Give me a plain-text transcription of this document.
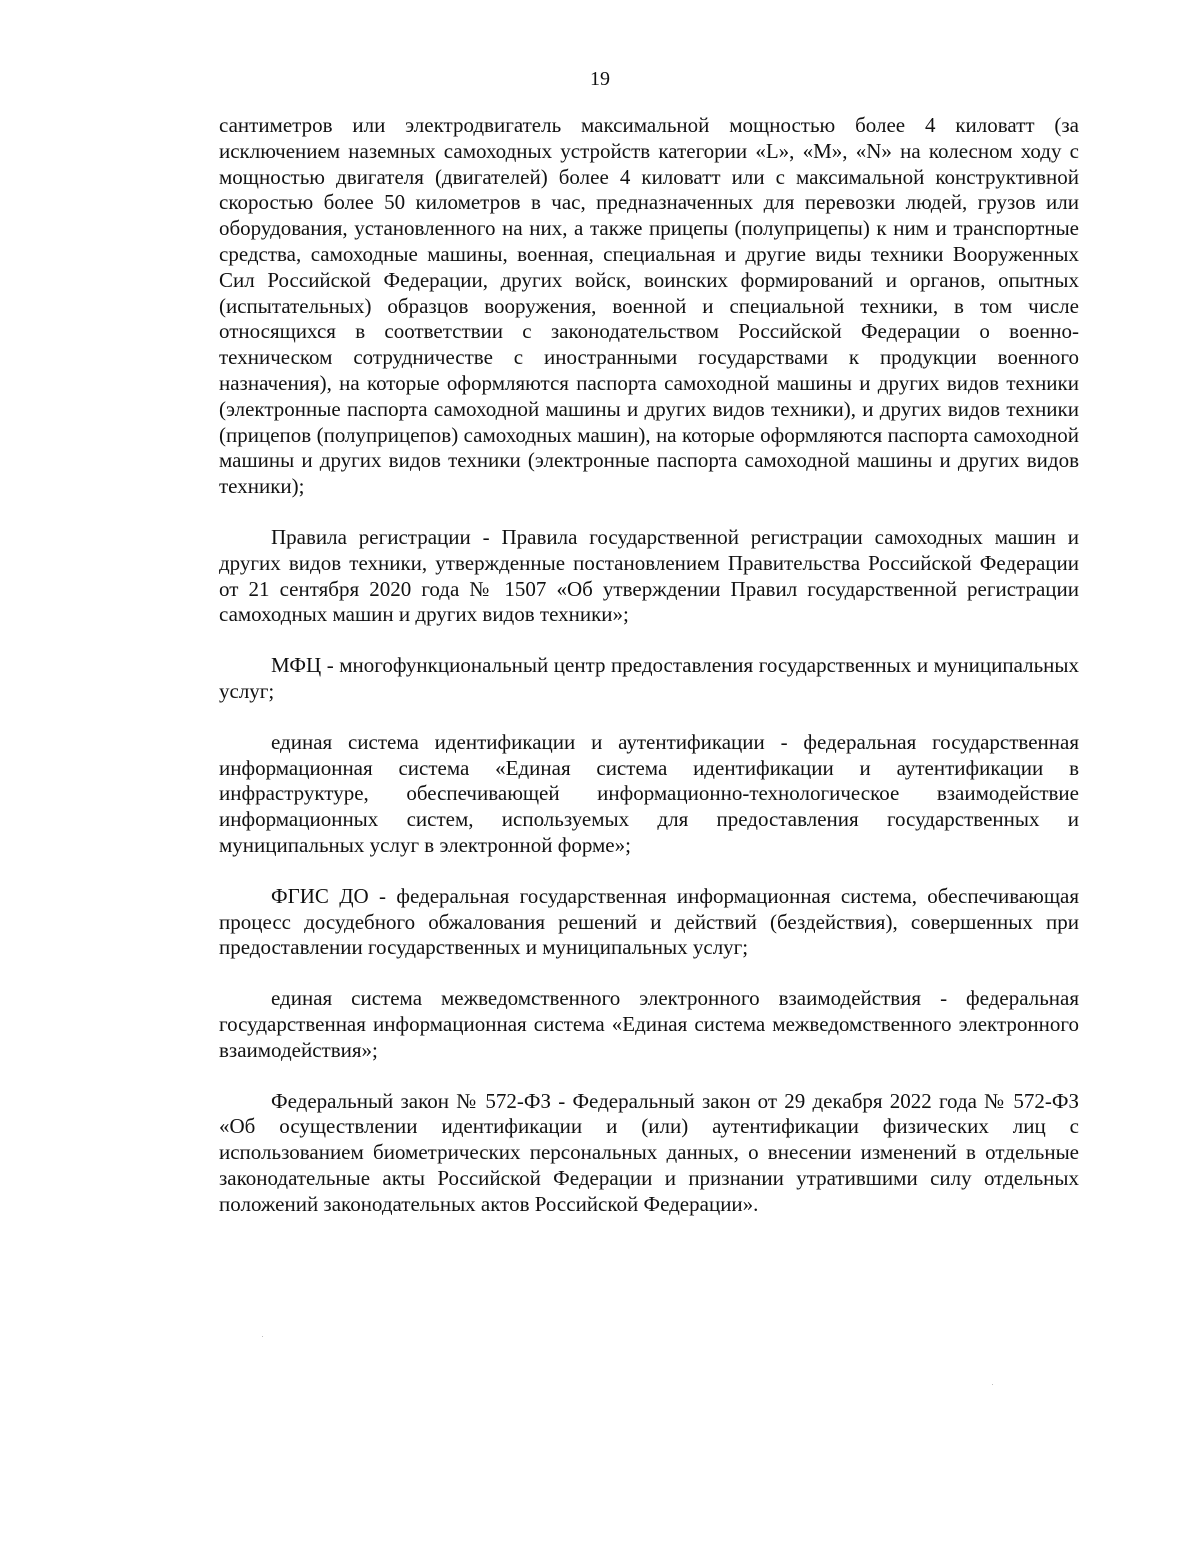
19

сантиметров или электродвигатель максимальной мощностью более 4 киловатт (за исключением наземных самоходных устройств категории «L», «M», «N» на колесном ходу с мощностью двигателя (двигателей) более 4 киловатт или с максимальной конструктивной скоростью более 50 километров в час, предназначенных для перевозки людей, грузов или оборудования, установленного на них, а также прицепы (полуприцепы) к ним и транспортные средства, самоходные машины, военная, специальная и другие виды техники Вооруженных Сил Российской Федерации, других войск, воинских формирований и органов, опытных (испытательных) образцов вооружения, военной и специальной техники, в том числе относящихся в соответствии с законодательством Российской Федерации о военно-техническом сотрудничестве с иностранными государствами к продукции военного назначения), на которые оформляются паспорта самоходной машины и других видов техники (электронные паспорта самоходной машины и других видов техники), и других видов техники (прицепов (полуприцепов) самоходных машин), на которые оформляются паспорта самоходной машины и других видов техники (электронные паспорта самоходной машины и других видов техники);

Правила регистрации - Правила государственной регистрации самоходных машин и других видов техники, утвержденные постановлением Правительства Российской Федерации от 21 сентября 2020 года № 1507 «Об утверждении Правил государственной регистрации самоходных машин и других видов техники»;

МФЦ - многофункциональный центр предоставления государственных и муниципальных услуг;

единая система идентификации и аутентификации - федеральная государственная информационная система «Единая система идентификации и аутентификации в инфраструктуре, обеспечивающей информационно-технологическое взаимодействие информационных систем, используемых для предоставления государственных и муниципальных услуг в электронной форме»;

ФГИС ДО - федеральная государственная информационная система, обеспечивающая процесс досудебного обжалования решений и действий (бездействия), совершенных при предоставлении государственных и муниципальных услуг;

единая система межведомственного электронного взаимодействия - федеральная государственная информационная система «Единая система межведомственного электронного взаимодействия»;

Федеральный закон № 572-ФЗ - Федеральный закон от 29 декабря 2022 года № 572-ФЗ «Об осуществлении идентификации и (или) аутентификации физических лиц с использованием биометрических персональных данных, о внесении изменений в отдельные законодательные акты Российской Федерации и признании утратившими силу отдельных положений законодательных актов Российской Федерации».
